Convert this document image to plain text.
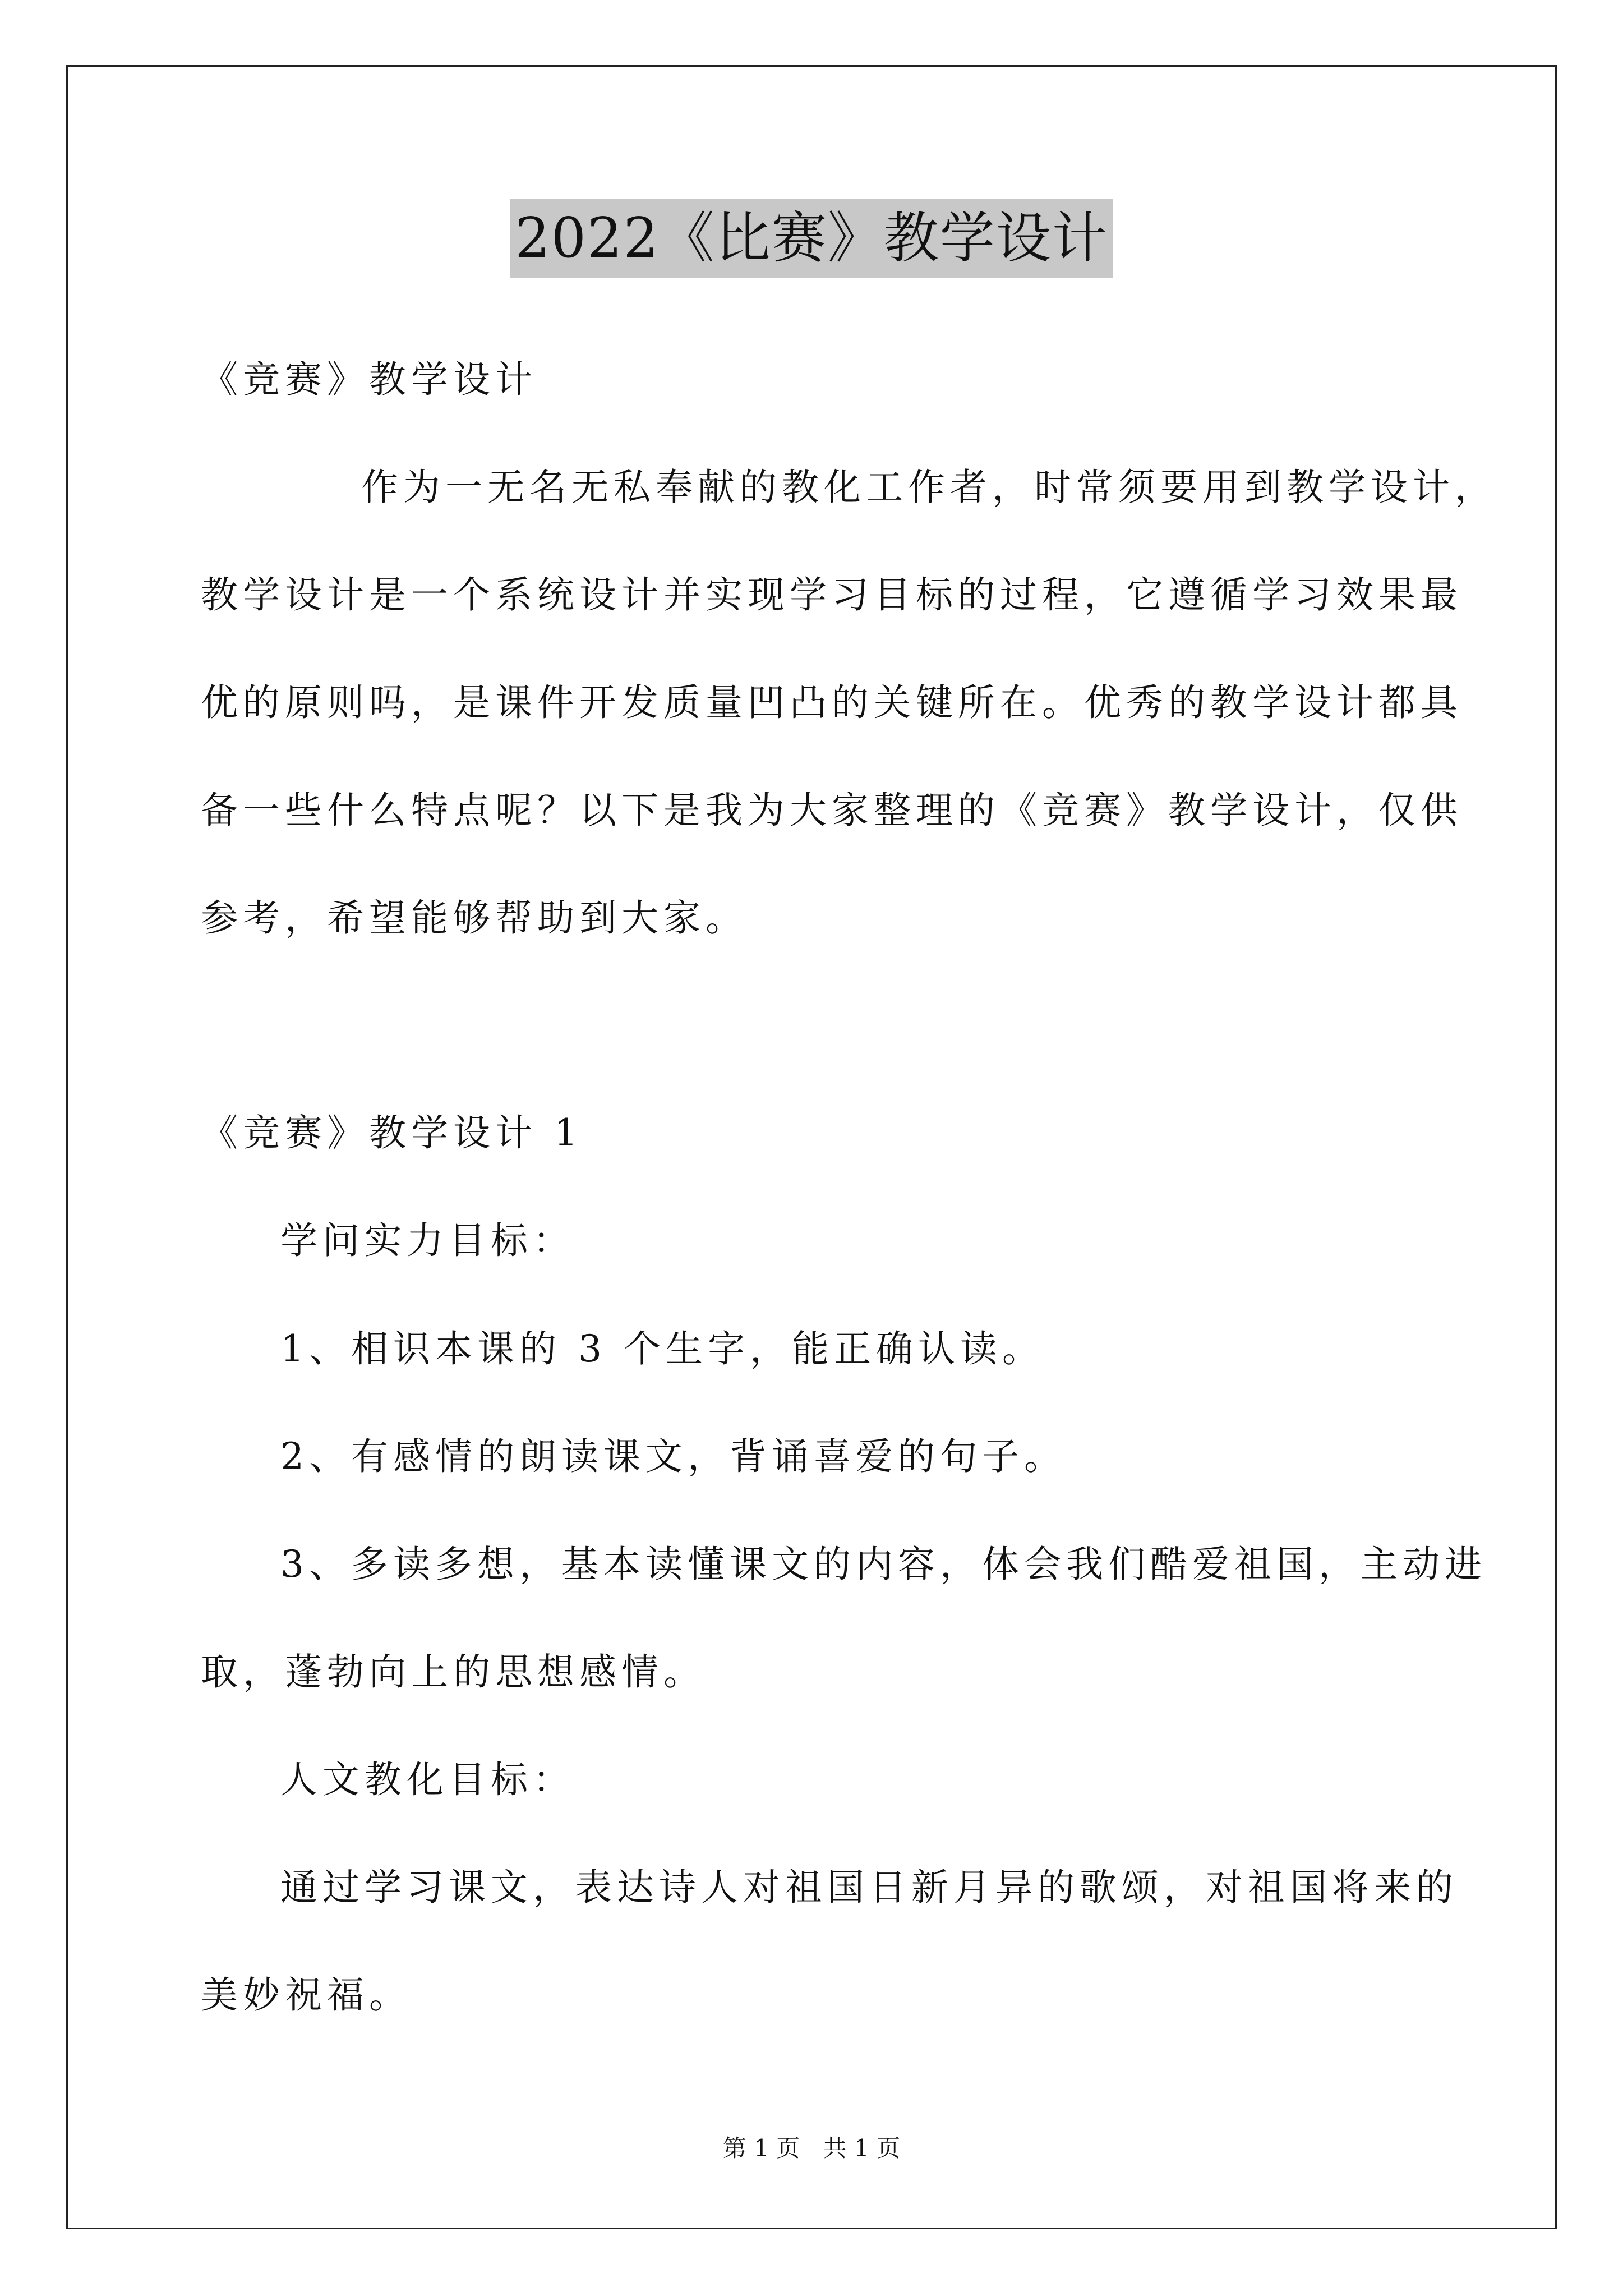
2022《比赛》教学设计
《竞赛》教学设计
作为一无名无私奉献的教化工作者，时常须要用到教学设计，
教学设计是一个系统设计并实现学习目标的过程，它遵循学习效果最
优的原则吗，是课件开发质量凹凸的关键所在。优秀的教学设计都具
备一些什么特点呢？以下是我为大家整理的《竞赛》教学设计，仅供
参考，希望能够帮助到大家。
《竞赛》教学设计 1
学问实力目标：
1、相识本课的 3 个生字，能正确认读。
2、有感情的朗读课文，背诵喜爱的句子。
3、多读多想，基本读懂课文的内容，体会我们酷爱祖国，主动进
取，蓬勃向上的思想感情。
人文教化目标：
通过学习课文，表达诗人对祖国日新月异的歌颂，对祖国将来的
美妙祝福。
第 1 页 共 1 页
